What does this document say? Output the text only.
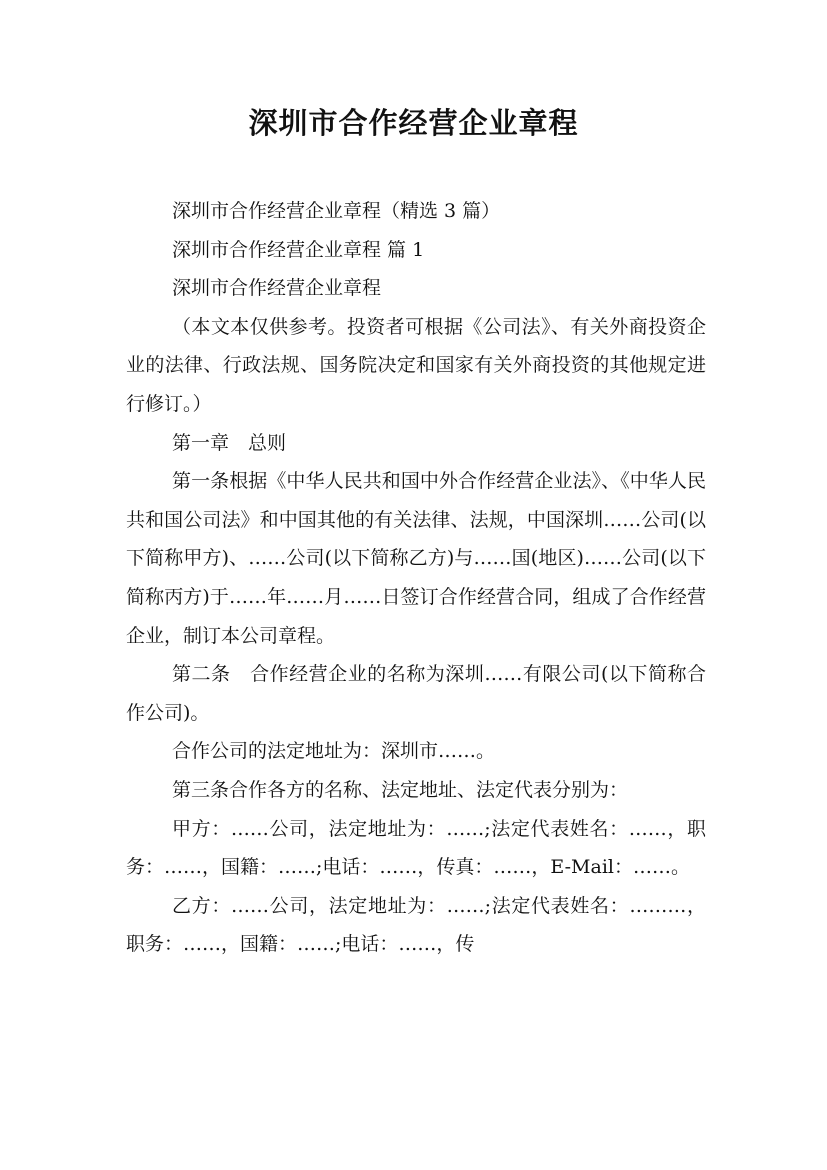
深圳市合作经营企业章程

深圳市合作经营企业章程（精选 3 篇）

深圳市合作经营企业章程 篇 1

深圳市合作经营企业章程

（本文本仅供参考。投资者可根据《公司法》、有关外商投资企业的法律、行政法规、国务院决定和国家有关外商投资的其他规定进行修订。）

第一章　总则

第一条根据《中华人民共和国中外合作经营企业法》、《中华人民共和国公司法》和中国其他的有关法律、法规，中国深圳……公司(以下简称甲方)、……公司(以下简称乙方)与……国(地区)……公司(以下简称丙方)于……年……月……日签订合作经营合同，组成了合作经营企业，制订本公司章程。

第二条　合作经营企业的名称为深圳……有限公司(以下简称合作公司)。

合作公司的法定地址为：深圳市……。

第三条合作各方的名称、法定地址、法定代表分别为：

甲方：……公司，法定地址为：……;法定代表姓名：……，职务：……，国籍：……;电话：……，传真：……，E-Mail：……。

乙方：……公司，法定地址为：……;法定代表姓名：………，职务：……，国籍：……;电话：……，传
